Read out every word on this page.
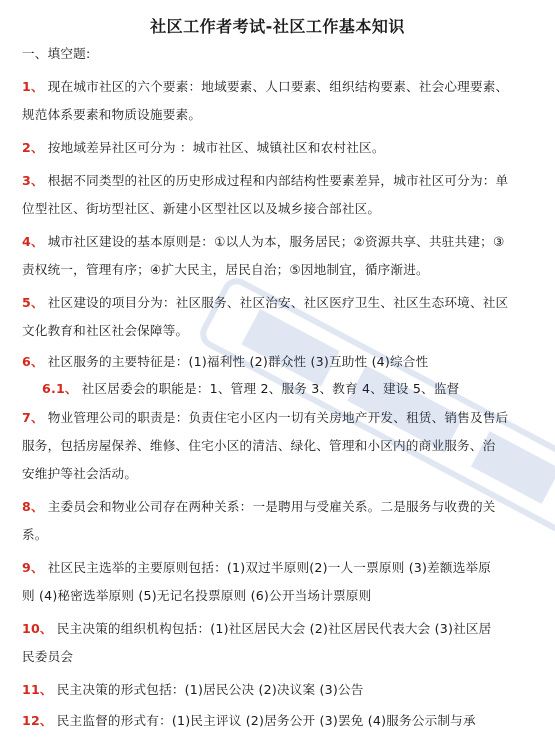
社区工作者考试-社区工作基本知识
一、填空题:
1、 现在城市社区的六个要素：地域要素、人口要素、组织结构要素、社会心理要素、
规范体系要素和物质设施要素。
2、 按地域差异社区可分为 ：城市社区、城镇社区和农村社区。
3、 根据不同类型的社区的历史形成过程和内部结构性要素差异，城市社区可分为：单
位型社区、街坊型社区、新建小区型社区以及城乡接合部社区。
4、 城市社区建设的基本原则是：①以人为本，服务居民；②资源共享、共驻共建；③
责权统一，管理有序；④扩大民主，居民自治；⑤因地制宜，循序渐进。
5、 社区建设的项目分为：社区服务、社区治安、社区医疗卫生、社区生态环境、社区
文化教育和社区社会保障等。
6、 社区服务的主要特征是：(1)福利性 (2)群众性 (3)互助性 (4)综合性
6.1、 社区居委会的职能是：1、管理 2、服务 3、教育 4、建设 5、监督
7、 物业管理公司的职责是：负责住宅小区内一切有关房地产开发、租赁、销售及售后
服务，包括房屋保养、维修、住宅小区的清洁、绿化、管理和小区内的商业服务、治
安维护等社会活动。
8、 主委员会和物业公司存在两种关系：一是聘用与受雇关系。二是服务与收费的关
系。
9、 社区民主选举的主要原则包括：(1)双过半原则(2)一人一票原则 (3)差额选举原
则 (4)秘密选举原则 (5)无记名投票原则 (6)公开当场计票原则
10、 民主决策的组织机构包括：(1)社区居民大会 (2)社区居民代表大会 (3)社区居
民委员会
11、 民主决策的形式包括：(1)居民公决 (2)决议案 (3)公告
12、 民主监督的形式有：(1)民主评议 (2)居务公开 (3)罢免 (4)服务公示制与承
